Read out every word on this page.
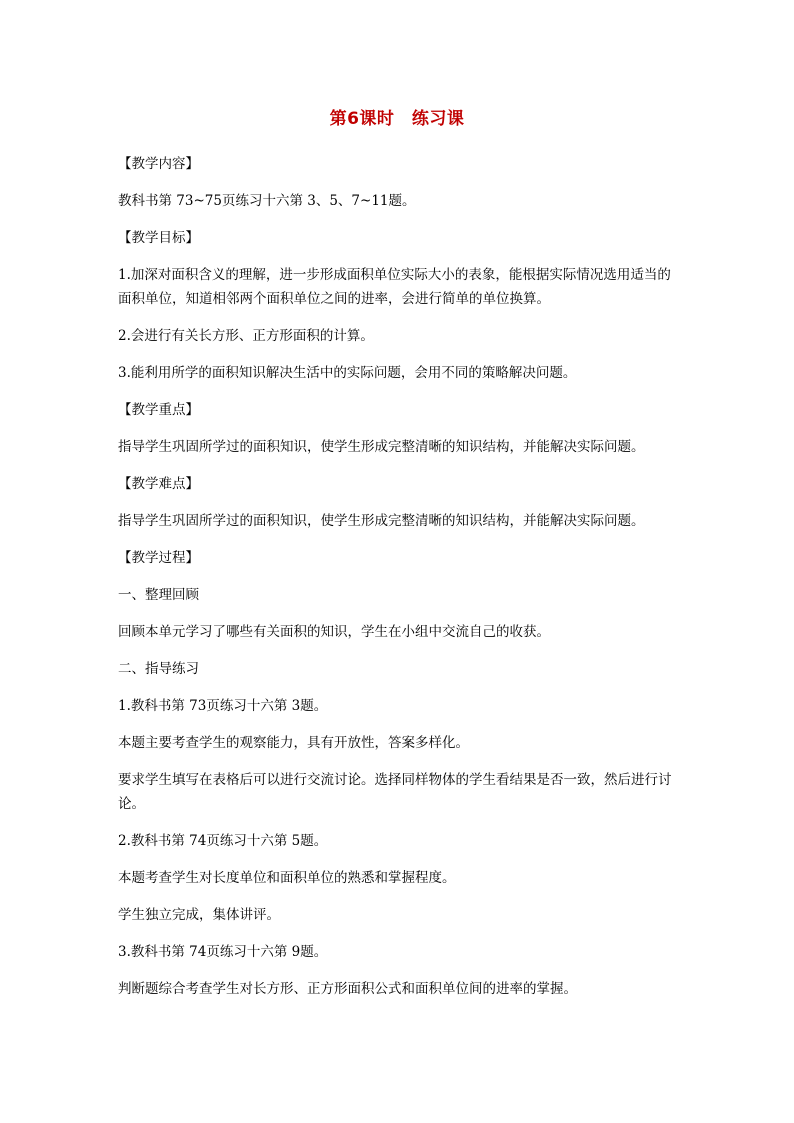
第6课时　练习课

【教学内容】

教科书第 73~75页练习十六第 3、5、7~11题。

【教学目标】

1.加深对面积含义的理解，进一步形成面积单位实际大小的表象，能根据实际情况选用适当的面积单位，知道相邻两个面积单位之间的进率，会进行简单的单位换算。

2.会进行有关长方形、正方形面积的计算。

3.能利用所学的面积知识解决生活中的实际问题，会用不同的策略解决问题。

【教学重点】

指导学生巩固所学过的面积知识，使学生形成完整清晰的知识结构，并能解决实际问题。

【教学难点】

指导学生巩固所学过的面积知识，使学生形成完整清晰的知识结构，并能解决实际问题。

【教学过程】

一、整理回顾

回顾本单元学习了哪些有关面积的知识，学生在小组中交流自己的收获。

二、指导练习

1.教科书第 73页练习十六第 3题。

本题主要考查学生的观察能力，具有开放性，答案多样化。

要求学生填写在表格后可以进行交流讨论。选择同样物体的学生看结果是否一致，然后进行讨论。

2.教科书第 74页练习十六第 5题。

本题考查学生对长度单位和面积单位的熟悉和掌握程度。

学生独立完成，集体讲评。

3.教科书第 74页练习十六第 9题。

判断题综合考查学生对长方形、正方形面积公式和面积单位间的进率的掌握。
